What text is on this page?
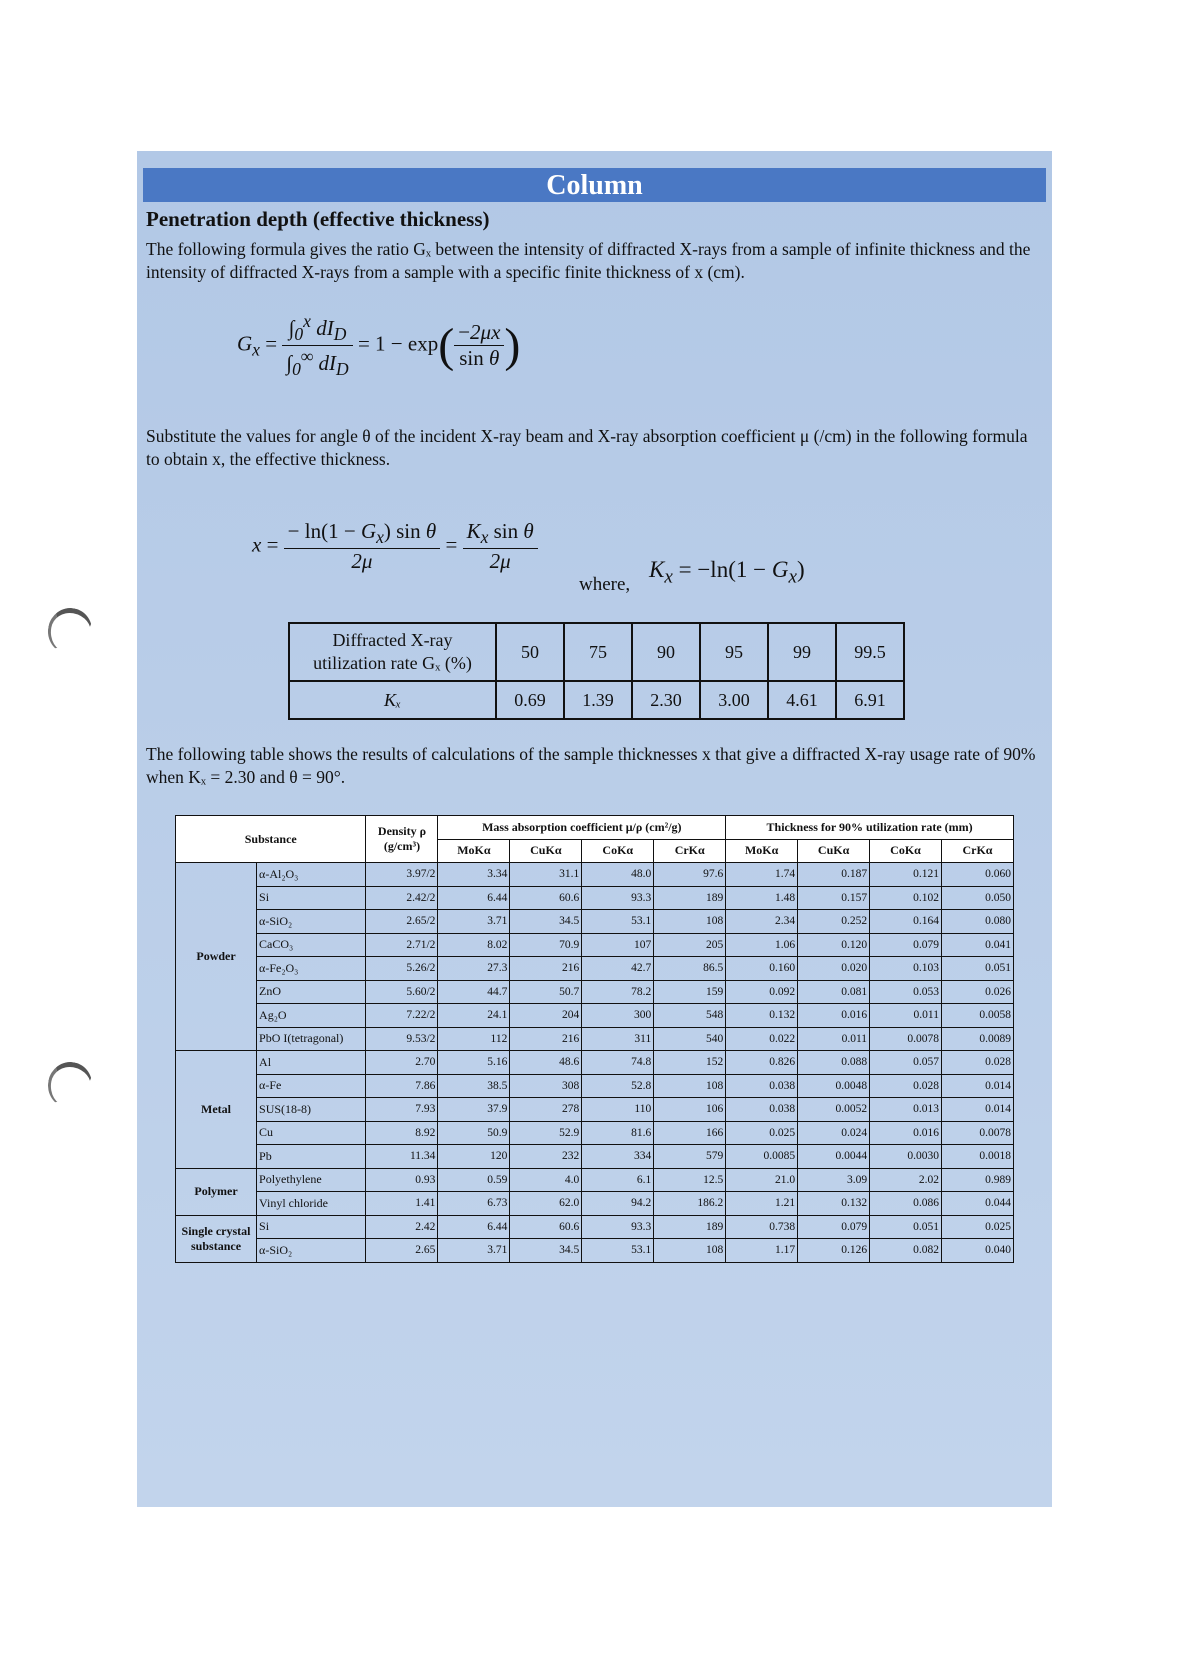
Column
Penetration depth (effective thickness)
The following formula gives the ratio Gₓ between the intensity of diffracted X-rays from a sample of infinite thickness and the intensity of diffracted X-rays from a sample with a specific finite thickness of x (cm).
$G_x = \frac{\int_0^x dI_D}{\int_0^\infty dI_D} = 1 - \exp( \frac{-2\mu x}{\text{sin θ}}$ )
Substitute the values for angle θ of the incident X-ray beam and X-ray absorption coefficient μ (/cm) in the following formula to obtain x, the effective thickness.
$x = \frac{- \ln(1 - G_x) \sin \theta}{2\mu} = \frac{K_x \sin \theta}{2\mu}$
where,
$K_x = -\ln(1 - G_x)$
Diffracted X-ray
utilization rate Gₓ (%)	50	75	90	95	99	99.5
Kₓ	0.69	1.39	2.30	3.00	4.61	6.91
The following table shows the results of calculations of the sample thicknesses x that give a diffracted X-ray usage rate of 90% when Kₓ = 2.30 and θ = 90°.
Substance		Density ρ (g/cm³)	Mass absorption coefficient μ/ρ (cm²/g)				Thickness for 90% utilization rate (mm)			
			MoKα	CuKα	CoKα	CrKα	MoKα	CuKα	CoKα	CrKα
Powder	α-Al₂O₃	3.97/2	3.34	31.1	48.0	97.6	1.74	0.187	0.121	0.060
	Si	2.42/2	6.44	60.6	93.3	189	1.48	0.157	0.102	0.050
	α-SiO₂	2.65/2	3.71	34.5	53.1	108	2.34	0.252	0.164	0.080
	CaCO₃	2.71/2	8.02	70.9	107	205	1.06	0.120	0.079	0.041
	α-Fe₂O₃	5.26/2	27.3	216	42.7	86.5	0.160	0.020	0.103	0.051
	ZnO	5.60/2	44.7	50.7	78.2	159	0.092	0.081	0.053	0.026
	Ag₂O	7.22/2	24.1	204	300	548	0.132	0.016	0.011	0.0058
	PbO I(tetragonal)	9.53/2	112	216	311	540	0.022	0.011	0.0078	0.0089
Metal	Al	2.70	5.16	48.6	74.8	152	0.826	0.088	0.057	0.028
	α-Fe	7.86	38.5	308	52.8	108	0.038	0.0048	0.028	0.014
	SUS(18-8)	7.93	37.9	278	110	106	0.038	0.0052	0.013	0.014
	Cu	8.92	50.9	52.9	81.6	166	0.025	0.024	0.016	0.0078
	Pb	11.34	120	232	334	579	0.0085	0.0044	0.0030	0.0018
Polymer	Polyethylene	0.93	0.59	4.0	6.1	12.5	21.0	3.09	2.02	0.989
	Vinyl chloride	1.41	6.73	62.0	94.2	186.2	1.21	0.132	0.086	0.044
Single crystal substance	Si	2.42	6.44	60.6	93.3	189	0.738	0.079	0.051	0.025
	α-SiO₂	2.65	3.71	34.5	53.1	108	1.17	0.126	0.082	0.040
